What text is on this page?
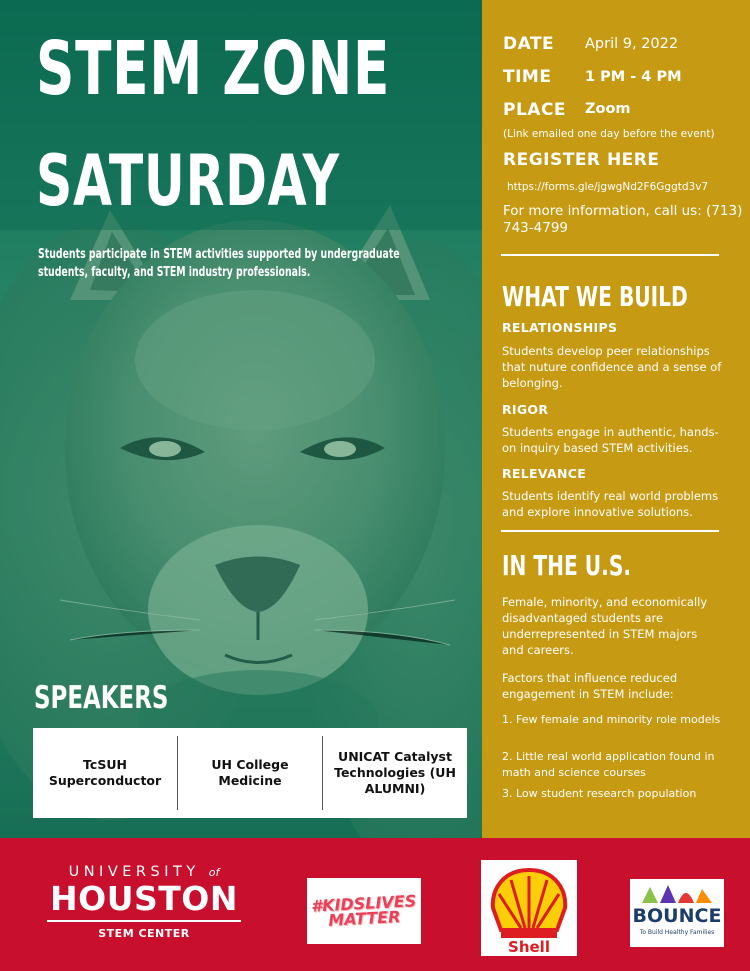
STEM ZONE
SATURDAY
Students participate in STEM activities supported by undergraduate students, faculty, and STEM industry professionals.
SPEAKERS
TcSUH Superconductor
UH College Medicine
UNICAT Catalyst Technologies (UH ALUMNI)
DATE April 9, 2022
TIME 1 PM - 4 PM
PLACE Zoom
(Link emailed one day before the event)
REGISTER HERE
https://forms.gle/jgwgNd2F6Gggtd3v7
For more information, call us: (713) 743-4799
WHAT WE BUILD
RELATIONSHIPS
Students develop peer relationships that nuture confidence and a sense of belonging.
RIGOR
Students engage in authentic, hands-on inquiry based STEM activities.
RELEVANCE
Students identify real world problems and explore innovative solutions.
IN THE U.S.
Female, minority, and economically disadvantaged students are underrepresented in STEM majors and careers.
Factors that influence reduced engagement in STEM include:
1. Few female and minority role models
2. Little real world application found in math and science courses
3. Low student research population
UNIVERSITY of
HOUSTON
STEM CENTER
#KIDSLIVES MATTER
Shell
BOUNCE
To Build Healthy Families
